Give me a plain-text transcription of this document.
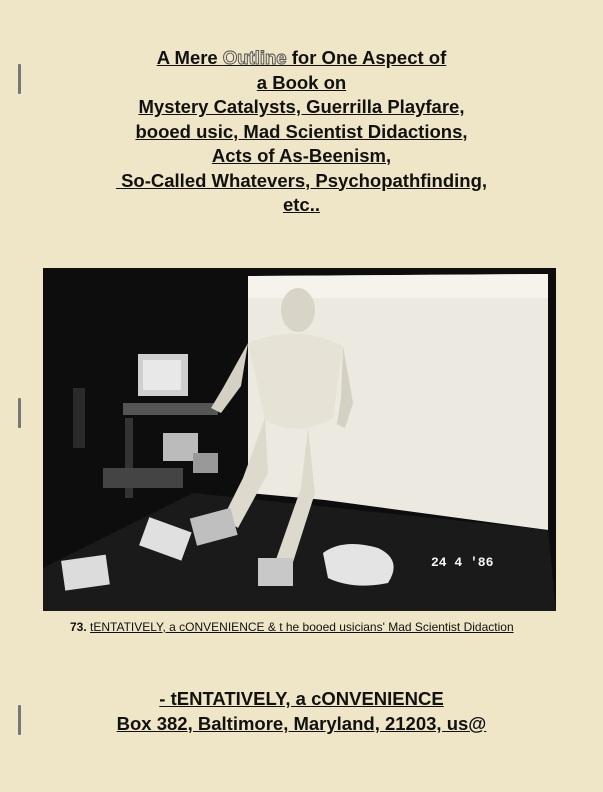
A Mere Outline for One Aspect of
a Book on
Mystery Catalysts, Guerrilla Playfare,
booed usic, Mad Scientist Didactions,
Acts of As-Beenism,
So-Called Whatevers, Psychopathfinding,
etc..
24 4 '86
73. tENTATIVELY, a cONVENIENCE & t he booed usicians' Mad Scientist Didaction
- tENTATIVELY, a cONVENIENCE
Box 382, Baltimore, Maryland, 21203, us@
